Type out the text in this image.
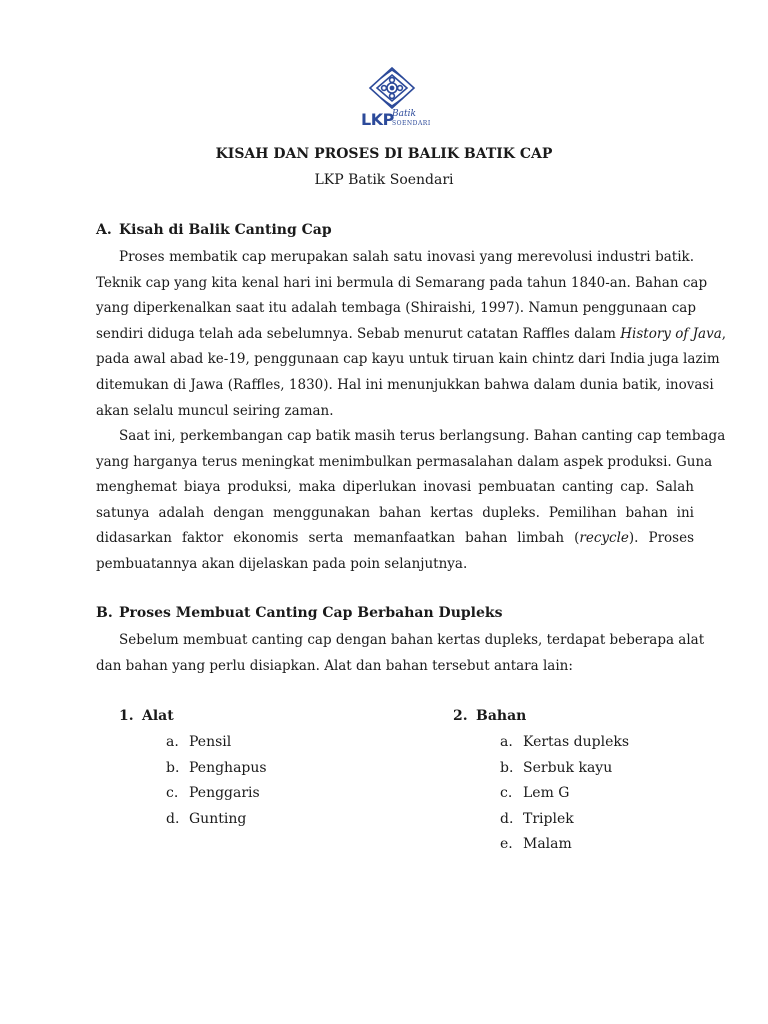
LKP
Batik
SOENDARI
KISAH DAN PROSES DI BALIK BATIK CAP
LKP Batik Soendari
A. Kisah di Balik Canting Cap
Proses membatik cap merupakan salah satu inovasi yang merevolusi industri batik.
Teknik cap yang kita kenal hari ini bermula di Semarang pada tahun 1840-an. Bahan cap
yang diperkenalkan saat itu adalah tembaga (Shiraishi, 1997). Namun penggunaan cap
sendiri diduga telah ada sebelumnya. Sebab menurut catatan Raffles dalam History of Java,
pada awal abad ke-19, penggunaan cap kayu untuk tiruan kain chintz dari India juga lazim
ditemukan di Jawa (Raffles, 1830). Hal ini menunjukkan bahwa dalam dunia batik, inovasi
akan selalu muncul seiring zaman.
Saat ini, perkembangan cap batik masih terus berlangsung. Bahan canting cap tembaga
yang harganya terus meningkat menimbulkan permasalahan dalam aspek produksi. Guna
menghemat biaya produksi, maka diperlukan inovasi pembuatan canting cap. Salah
satunya adalah dengan menggunakan bahan kertas dupleks. Pemilihan bahan ini
didasarkan faktor ekonomis serta memanfaatkan bahan limbah (recycle). Proses
pembuatannya akan dijelaskan pada poin selanjutnya.
B. Proses Membuat Canting Cap Berbahan Dupleks
Sebelum membuat canting cap dengan bahan kertas dupleks, terdapat beberapa alat
dan bahan yang perlu disiapkan. Alat dan bahan tersebut antara lain:
1. Alat
a. Pensil
b. Penghapus
c. Penggaris
d. Gunting
2. Bahan
a. Kertas dupleks
b. Serbuk kayu
c. Lem G
d. Triplek
e. Malam
